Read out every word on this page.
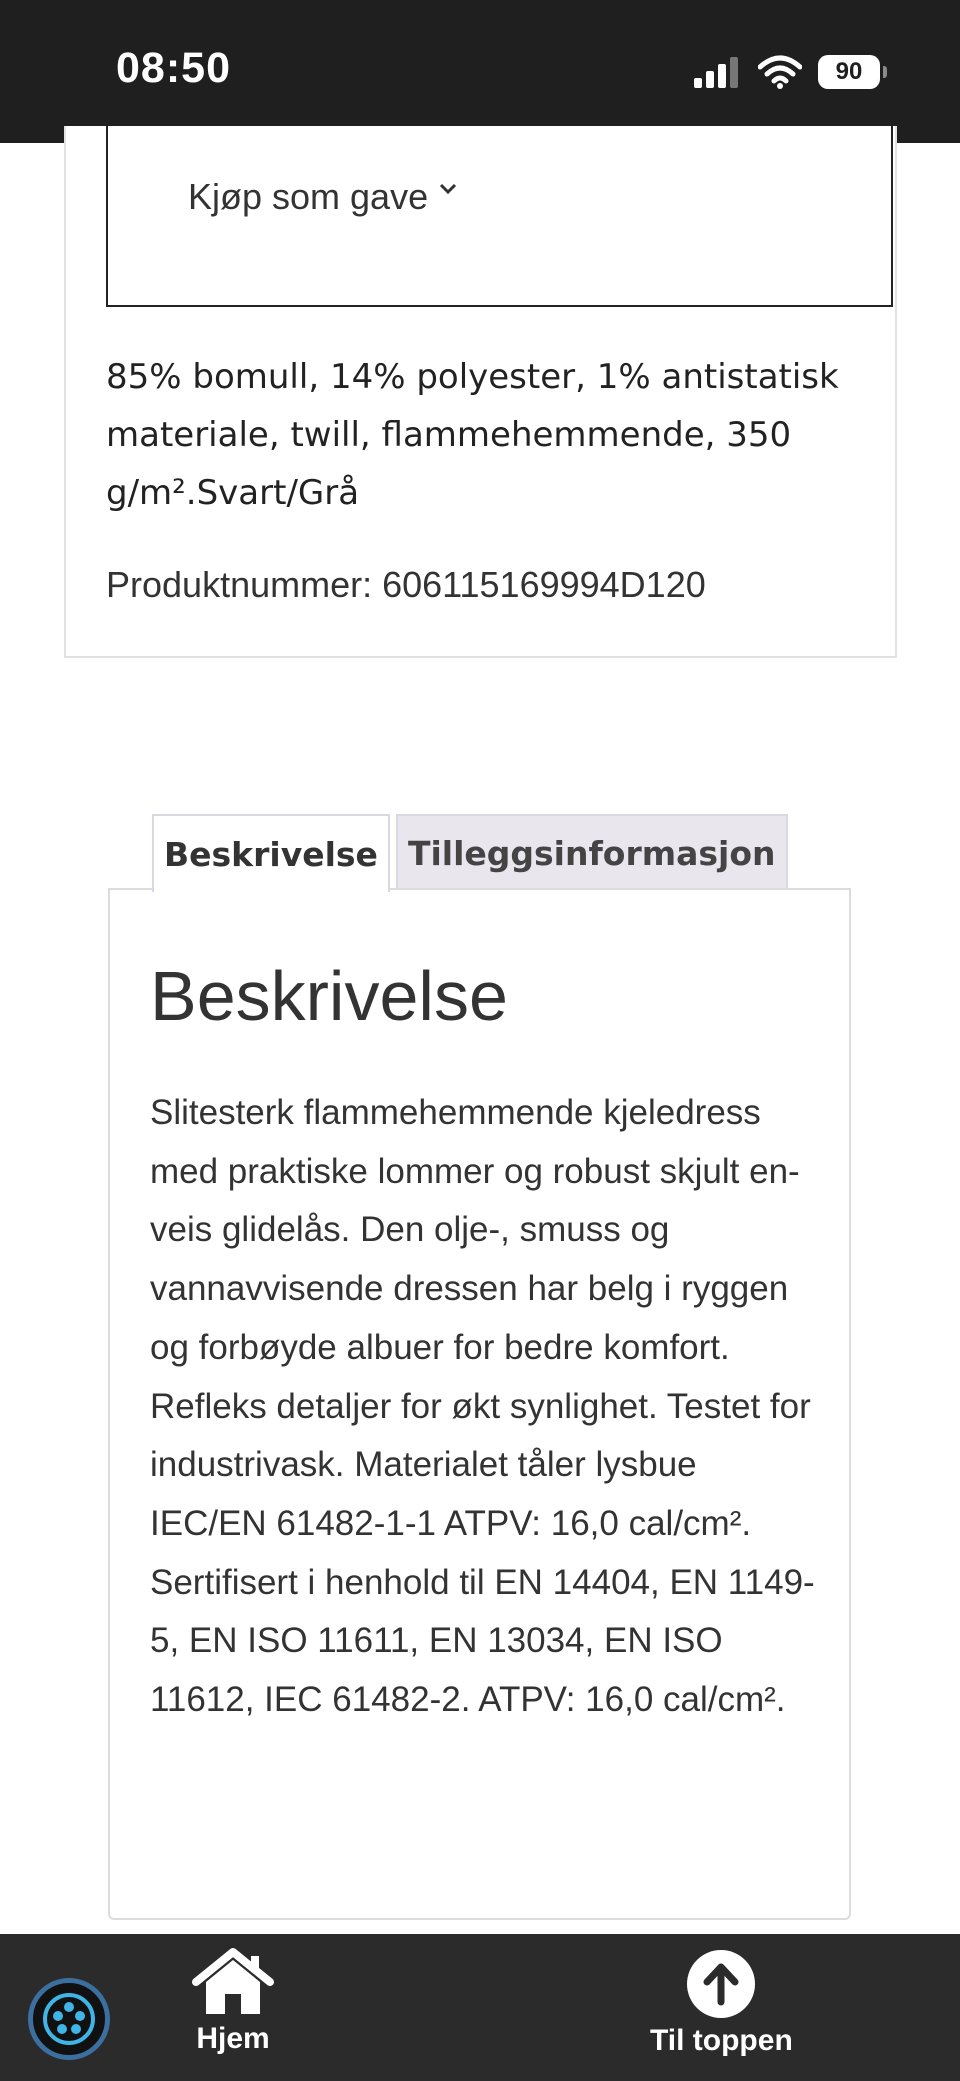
08:50	90
Kjøp som gave
85% bomull, 14% polyester, 1% antistatisk materiale, twill, flammehemmende, 350 g/m².Svart/Grå
Produktnummer: 606115169994D120
Beskrivelse Tilleggsinformasjon
Beskrivelse

Slitesterk flammehemmende kjeledress med praktiske lommer og robust skjult en-veis glidelås. Den olje-, smuss og vannavvisende dressen har belg i ryggen og forbøyde albuer for bedre komfort. Refleks detaljer for økt synlighet. Testet for industrivask. Materialet tåler lysbue IEC/EN 61482-1-1 ATPV: 16,0 cal/cm². Sertifisert i henhold til EN 14404, EN 1149-5, EN ISO 11611, EN 13034, EN ISO 11612, IEC 61482-2. ATPV: 16,0 cal/cm².

Hjem	Til toppen
